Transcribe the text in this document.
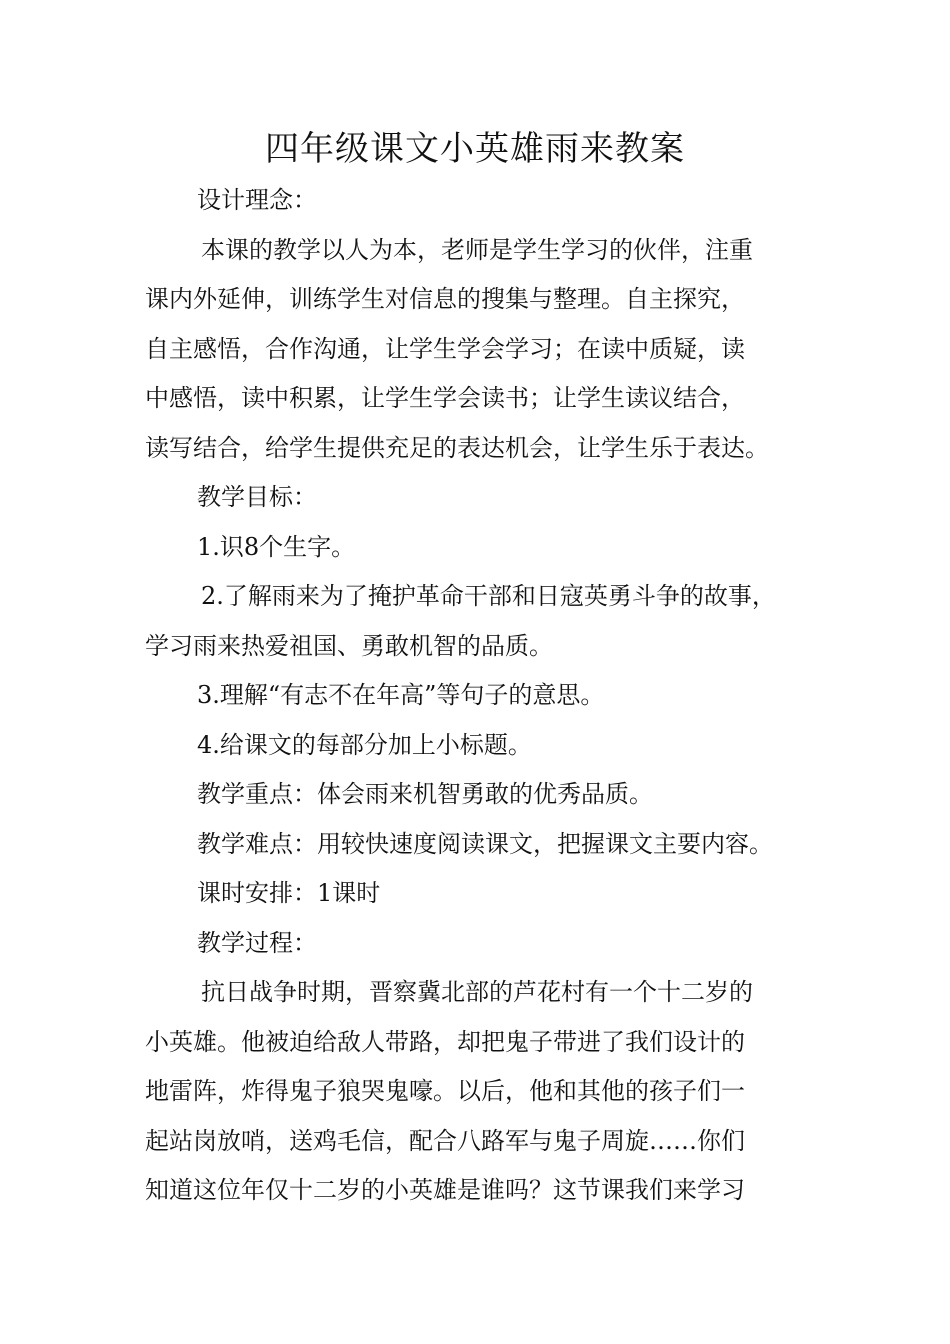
四年级课文小英雄雨来教案

设计理念：

本课的教学以人为本，老师是学生学习的伙伴，注重

课内外延伸，训练学生对信息的搜集与整理。自主探究，

自主感悟，合作沟通，让学生学会学习；在读中质疑，读

中感悟，读中积累，让学生学会读书；让学生读议结合，

读写结合，给学生提供充足的表达机会，让学生乐于表达。

教学目标：

1.识8个生字。

2.了解雨来为了掩护革命干部和日寇英勇斗争的故事，

学习雨来热爱祖国、勇敢机智的品质。

3.理解“有志不在年高”等句子的意思。

4.给课文的每部分加上小标题。

教学重点：体会雨来机智勇敢的优秀品质。

教学难点：用较快速度阅读课文，把握课文主要内容。

课时安排：1课时

教学过程：

抗日战争时期，晋察冀北部的芦花村有一个十二岁的

小英雄。他被迫给敌人带路，却把鬼子带进了我们设计的

地雷阵，炸得鬼子狼哭鬼嚎。以后，他和其他的孩子们一

起站岗放哨，送鸡毛信，配合八路军与鬼子周旋……你们

知道这位年仅十二岁的小英雄是谁吗？这节课我们来学习
